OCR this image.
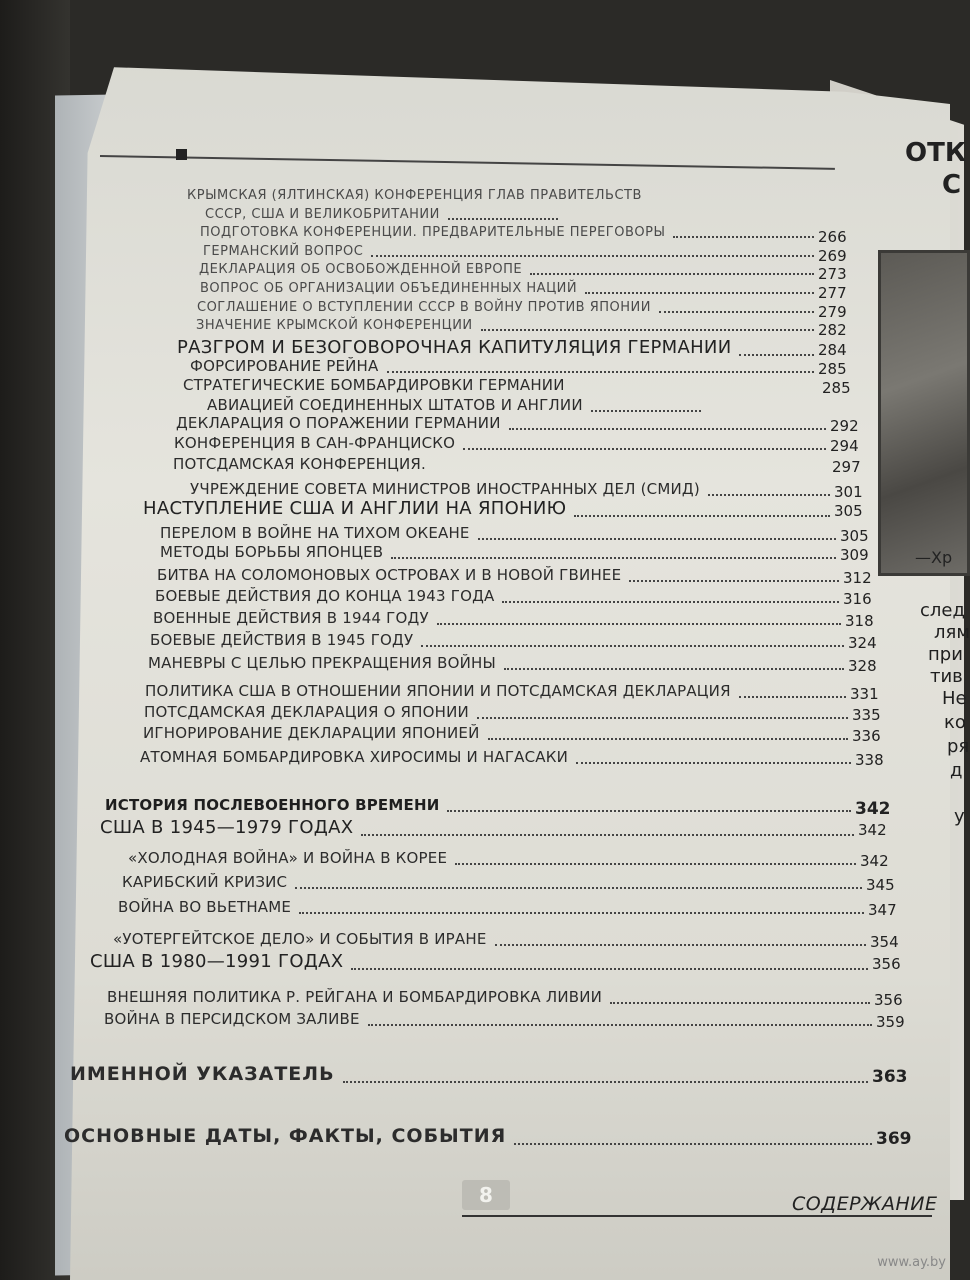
ОТК
С
—Хр
след
лям
при
тив
Не
ко
ря
д
у
КРЫМСКАЯ (ЯЛТИНСКАЯ) КОНФЕРЕНЦИЯ ГЛАВ ПРАВИТЕЛЬСТВ
СССР, США И ВЕЛИКОБРИТАНИИ
ПОДГОТОВКА КОНФЕРЕНЦИИ. ПРЕДВАРИТЕЛЬНЫЕ ПЕРЕГОВОРЫ	266
ГЕРМАНСКИЙ ВОПРОС	269
ДЕКЛАРАЦИЯ ОБ ОСВОБОЖДЕННОЙ ЕВРОПЕ	273
ВОПРОС ОБ ОРГАНИЗАЦИИ ОБЪЕДИНЕННЫХ НАЦИЙ	277
СОГЛАШЕНИЕ О ВСТУПЛЕНИИ СССР В ВОЙНУ ПРОТИВ ЯПОНИИ	279
ЗНАЧЕНИЕ КРЫМСКОЙ КОНФЕРЕНЦИИ	282
РАЗГРОМ И БЕЗОГОВОРОЧНАЯ КАПИТУЛЯЦИЯ ГЕРМАНИИ	284
ФОРСИРОВАНИЕ РЕЙНА	285
СТРАТЕГИЧЕСКИЕ БОМБАРДИРОВКИ ГЕРМАНИИ	285
АВИАЦИЕЙ СОЕДИНЕННЫХ ШТАТОВ И АНГЛИИ
ДЕКЛАРАЦИЯ О ПОРАЖЕНИИ ГЕРМАНИИ	292
КОНФЕРЕНЦИЯ В САН-ФРАНЦИСКО	294
ПОТСДАМСКАЯ КОНФЕРЕНЦИЯ.	297
УЧРЕЖДЕНИЕ СОВЕТА МИНИСТРОВ ИНОСТРАННЫХ ДЕЛ (СМИД)	301
НАСТУПЛЕНИЕ США И АНГЛИИ НА ЯПОНИЮ	305
ПЕРЕЛОМ В ВОЙНЕ НА ТИХОМ ОКЕАНЕ	305
МЕТОДЫ БОРЬБЫ ЯПОНЦЕВ	309
БИТВА НА СОЛОМОНОВЫХ ОСТРОВАХ И В НОВОЙ ГВИНЕЕ	312
БОЕВЫЕ ДЕЙСТВИЯ ДО КОНЦА 1943 ГОДА	316
ВОЕННЫЕ ДЕЙСТВИЯ В 1944 ГОДУ	318
БОЕВЫЕ ДЕЙСТВИЯ В 1945 ГОДУ	324
МАНЕВРЫ С ЦЕЛЬЮ ПРЕКРАЩЕНИЯ ВОЙНЫ	328
ПОЛИТИКА США В ОТНОШЕНИИ ЯПОНИИ И ПОТСДАМСКАЯ ДЕКЛАРАЦИЯ	331
ПОТСДАМСКАЯ ДЕКЛАРАЦИЯ О ЯПОНИИ	335
ИГНОРИРОВАНИЕ ДЕКЛАРАЦИИ ЯПОНИЕЙ	336
АТОМНАЯ БОМБАРДИРОВКА ХИРОСИМЫ И НАГАСАКИ	338
ИСТОРИЯ ПОСЛЕВОЕННОГО ВРЕМЕНИ	342
США В 1945—1979 ГОДАХ	342
«ХОЛОДНАЯ ВОЙНА» И ВОЙНА В КОРЕЕ	342
КАРИБСКИЙ КРИЗИС	345
ВОЙНА ВО ВЬЕТНАМЕ	347
«УОТЕРГЕЙТСКОЕ ДЕЛО» И СОБЫТИЯ В ИРАНЕ	354
США В 1980—1991 ГОДАХ	356
ВНЕШНЯЯ ПОЛИТИКА Р. РЕЙГАНА И БОМБАРДИРОВКА ЛИВИИ	356
ВОЙНА В ПЕРСИДСКОМ ЗАЛИВЕ	359
ИМЕННОЙ УКАЗАТЕЛЬ	363
ОСНОВНЫЕ ДАТЫ, ФАКТЫ, СОБЫТИЯ	369
8	СОДЕРЖАНИЕ
www.ay.by
